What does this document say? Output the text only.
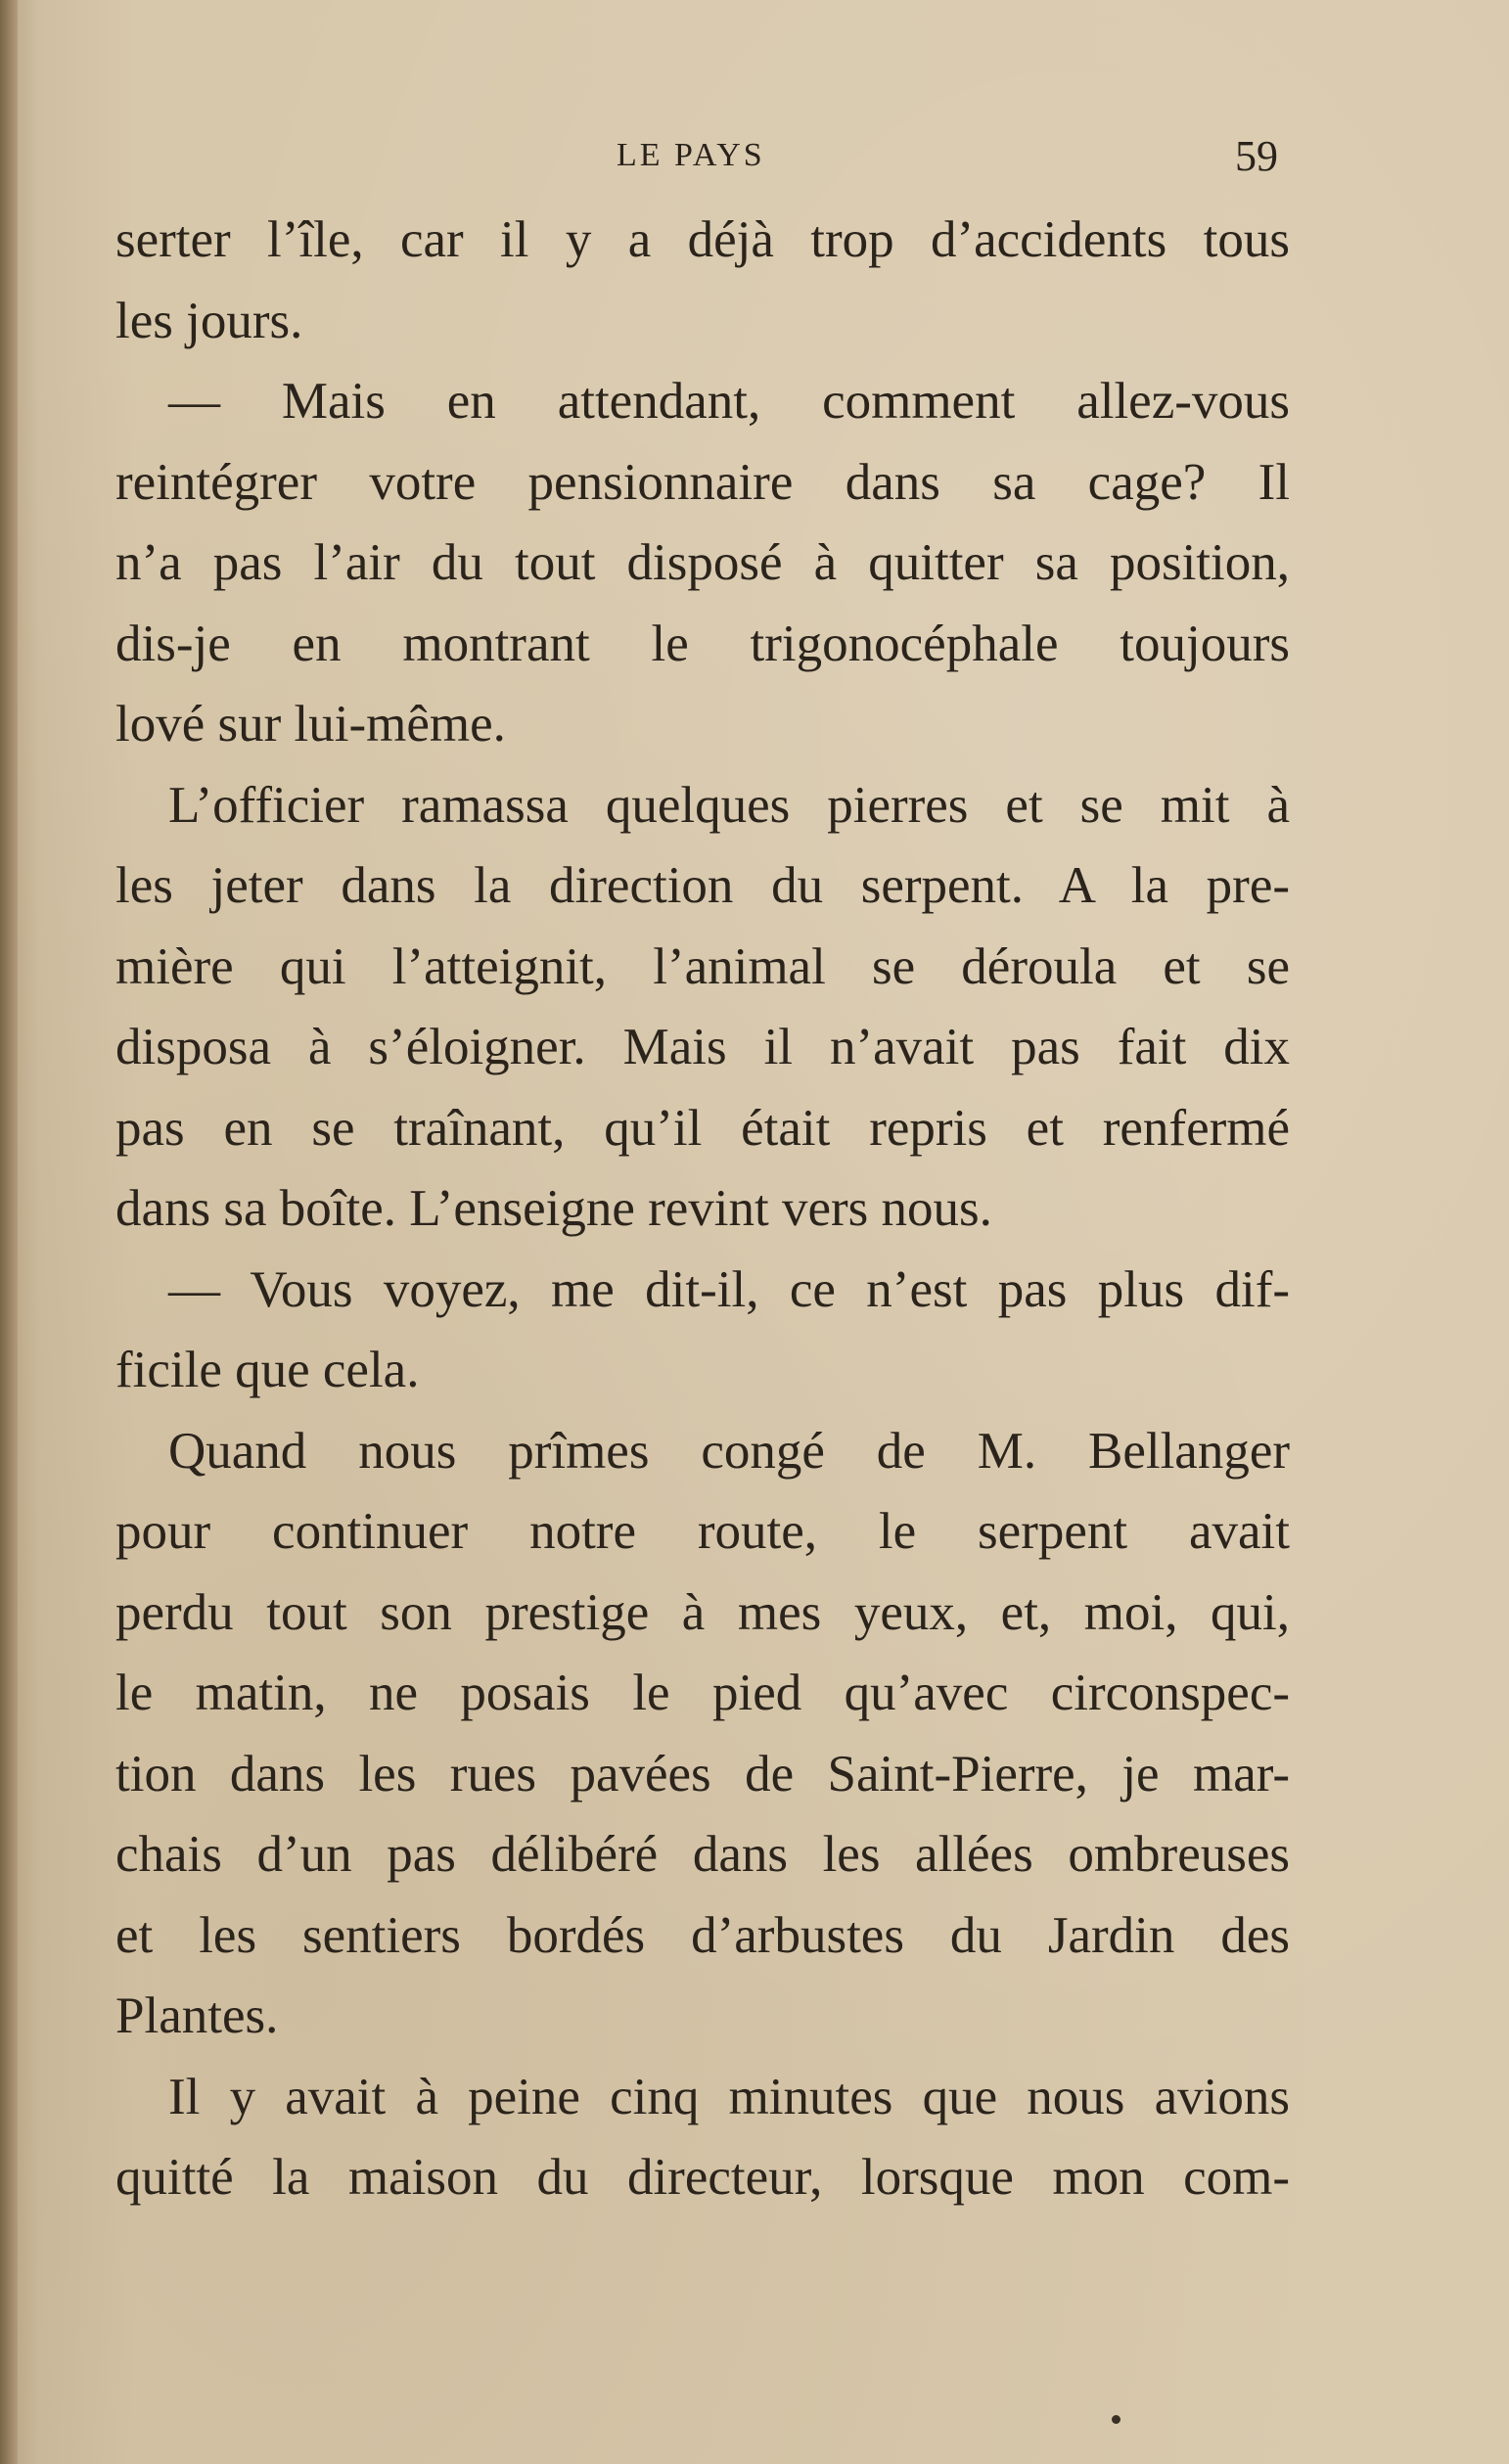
LE PAYS	59
serter l’île, car il y a déjà trop d’accidents tous
les jours.
— Mais en attendant, comment allez-vous
reintégrer votre pensionnaire dans sa cage? Il
n’a pas l’air du tout disposé à quitter sa position,
dis-je en montrant le trigonocéphale toujours
lové sur lui-même.
L’officier ramassa quelques pierres et se mit à
les jeter dans la direction du serpent. A la pre-
mière qui l’atteignit, l’animal se déroula et se
disposa à s’éloigner. Mais il n’avait pas fait dix
pas en se traînant, qu’il était repris et renfermé
dans sa boîte. L’enseigne revint vers nous.
— Vous voyez, me dit-il, ce n’est pas plus dif-
ficile que cela.
Quand nous prîmes congé de M. Bellanger
pour continuer notre route, le serpent avait
perdu tout son prestige à mes yeux, et, moi, qui,
le matin, ne posais le pied qu’avec circonspec-
tion dans les rues pavées de Saint-Pierre, je mar-
chais d’un pas délibéré dans les allées ombreuses
et les sentiers bordés d’arbustes du Jardin des
Plantes.
Il y avait à peine cinq minutes que nous avions
quitté la maison du directeur, lorsque mon com-
